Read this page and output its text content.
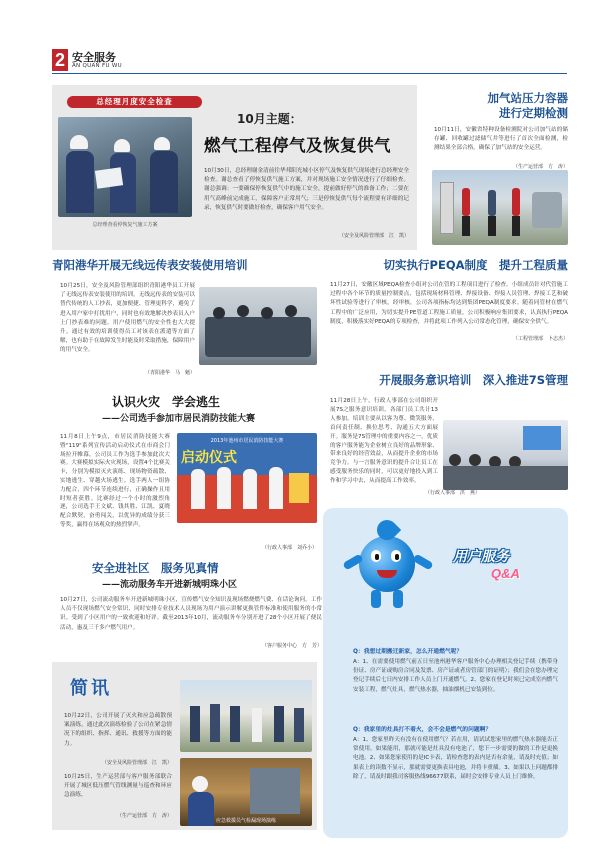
2 安全服务
AN QUAN FU WU
总经理月度安全检查
总经理查看停恢复气施工方案
10月主题：
燃气工程停气及恢复供气
10月30日，总经理谢金清前往华邦阳光城小区停气及恢复供气现场进行总经理安全检查。谢总查看了停恢复供气施工方案，并对现场施工安全情况进行了仔细检查。谢总强调：一要确保停恢复供气中的施工安全，提前做好停气的准备工作；二要在用气高峰前完成施工，保障客户正常用气；三是停恢复供气每个流程要有详细的记录，恢复供气时要做好检查，确保客户用气安全。
（安全及风险管理部　江　凯）
加气站压力容器
进行定期检测
10月11日，安徽省特种设备检测院对公司加气站的储存罐、回收罐过滤储气井等进行了首次全面检测，检测结果全部合格，确保了加气站的安全运营。
（生产运营部　方　涛）
青阳港华开展无线远传表安装使用培训
10月25日，安全及风险管理部组织青阳港华员工开展了无线远传表安装使用的培训。无线远传表的安装可以替代传统的人工抄表，更加便捷、管理更科学，避免了进入用户家中打扰用户，同时也有效地解决抄表员入户上门抄表难的问题。用户使用燃气的安全性也大大提升。通过有效的培训使得员工对该表在派遣等方面了解，也有助于在故障发生时能及时采取措施，保障用户的用气安全。
（青阳港华　马　魁）
切实执行PEQA制度　提升工程质量
11月27日，安徽区域PEQA检查小组对公司在管的工程项目进行了检查。小组成员针对代管施工过程中各个环节的质量控制要点，包括现场材料管理、焊接设备、焊接人员管理、焊接工艺和破坏性试验等进行了审核，经审核，公司各项指标均达到集团PEQA制度要求。随着同管材在燃气工程中的广泛应用，为切实提升PE管道工程施工质量，公司积极响应集团要求，认真执行PEQA制度，积极落实好PEQA的专项检查，并将此项工作列入公司常态化管理，确保安全供气。
（工程管理部　卜志杰）
认识火灾　学会逃生
——公司选手参加市居民消防技能大赛
11月8日上午9点，市居民消防技能大赛暨"119"系列宣传活动启动仪式在市商会门场拉开帷幕，公司员工作为选手参加此次大赛。大赛模拟实际火灾现场，设置4个比赛关卡，分别为模拟灭火演练、现场物资疏散、实地逃生、穿越火场逃生。选手两人一组协力配合，四个环节连续进行，正确操作且用时短者获胜。比赛经过一个小时的激烈角逐，公司选手王文斌、钱其胜、江凯、夏晓配合默契，奋勇闯关，以优异的成绩分获三等奖，赢得在场观众的热烈掌声。
2013年池州市居民消防技能大赛
启动仪式
（行政人事部　刘乔小）
开展服务意识培训　深入推进7S管理
11月28日上午，行政人事部在公司组织开展7S之服务意识培训，各部门员工共计13人参加。培训主要从以客为尊、微笑服务、首问责任制、换位思考、沟通五大方面展开。服务是7S管理中的重要内容之一，优质的客户服务能为企业树立良好的品牌形象、带来良好的经营效益，从而提升企业的市场竞争力。与一言服务意识的提升合让员工在感受服务快乐的同时，可以更好地投入到工作和学习中去，从而提高工作效率。
（行政人事部　洪　燕）
安全进社区　服务见真情
——流动服务车开进新城明珠小区
10月27日，公司流动服务车开进新城明珠小区，宣传燃气安全知识及现场燃烧燃气费、在话论询问。工作人员不仅现场燃气安全常识，同时安排专业技术人员现场为用户演示讲解更换管件标准和使用服务的小常识。受到了小区用户的一致欢迎和好评。截至2013年10月，流动服务车分别开进了28个小区开展了便民活动，惠及三千多户燃气用户。
（客户服务中心　方　芳）
简讯
10月22日，公司开展了灭火和应急疏散预案演练，通过此次演练检验了公司在紧急情况下的组织、指挥、通讯、救援等方面的能力。
（安全及风险管理部　江　凯）
10月25日，生产运营部与客户服务部联合开展了城区低压燃气管线测量与巡查和环应急演练。
（生产运营部　方　涛）
应急救援员气检漏现场演练
用户服务
Q&A
Q：我想过期搬迁新家，怎么开通燃气呢？
A：1、在需要使用燃气前五日至池州港华客户服务中心办理相关登记手续（携带身份证、房产证或购房合同及发票、房产证或者房管部门的证明）；我们会在您办理完登记手续后七日内安排工作人员上门开通燃气。2、您家在登记时须已完成室内燃气安装工程，燃气灶具，燃气热水器，抽油烟机已安装到位。
Q：我家里的灶具打不着火，会不会是燃气的问题啊？
A：1、您家里昨天有没有在使用燃气？若在用，请试试您家里的燃气热水器能否正常使用。如果能用，那就可能是灶具没有电池了，您下一步需要的做的工作是更换电池。2、如果您家使用的是IC卡表，请检查您的表内是否有余量，请及时充值；如果表上的读数不显示，那就需要更换表具电池，并将卡重插。3、如果以上问题都排除了，请及时跟我司客服热线96677联系，届时会安排专业人员上门维修。
